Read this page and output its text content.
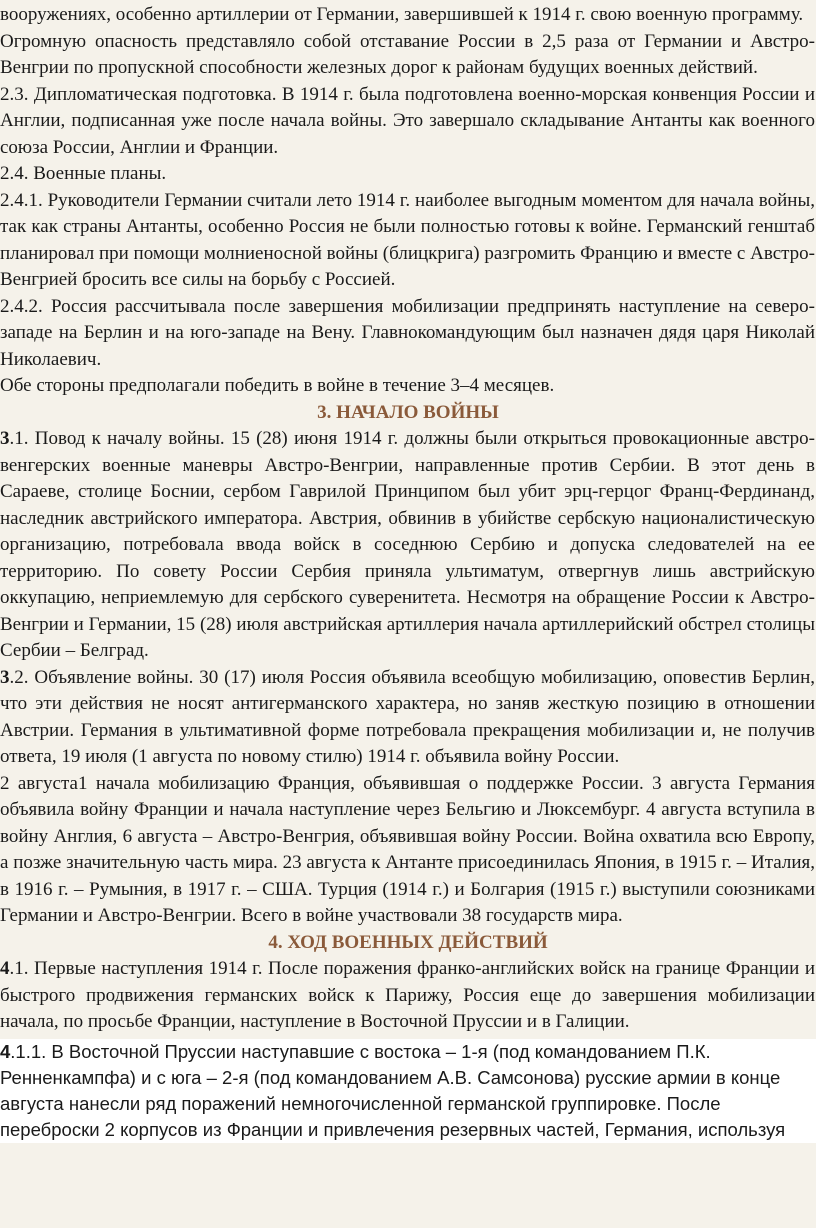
вооружениях, особенно артиллерии от Германии, завершившей к 1914 г. свою военную программу.

Огромную опасность представляло собой отставание России в 2,5 раза от Германии и Австро-Венгрии по пропускной способности железных дорог к районам будущих военных действий.

2.3. Дипломатическая подготовка. В 1914 г. была подготовлена военно-морская конвенция России и Англии, подписанная уже после начала войны. Это завершало складывание Антанты как военного союза России, Англии и Франции.

2.4. Военные планы.

2.4.1. Руководители Германии считали лето 1914 г. наиболее выгодным моментом для начала войны, так как страны Антанты, особенно Россия не были полностью готовы к войне. Германский генштаб планировал при помощи молниеносной войны (блицкрига) разгромить Францию и вместе с Австро-Венгрией бросить все силы на борьбу с Россией.

2.4.2. Россия рассчитывала после завершения мобилизации предпринять наступление на северо-западе на Берлин и на юго-западе на Вену. Главнокомандующим был назначен дядя царя Николай Николаевич.

Обе стороны предполагали победить в войне в течение 3–4 месяцев.

3. НАЧАЛО ВОЙНЫ

3.1. Повод к началу войны. 15 (28) июня 1914 г. должны были открыться провокационные австро-венгерских военные маневры Австро-Венгрии, направленные против Сербии. В этот день в Сараеве, столице Боснии, сербом Гаврилой Принципом был убит эрц-герцог Франц-Фердинанд, наследник австрийского императора. Австрия, обвинив в убийстве сербскую националистическую организацию, потребовала ввода войск в соседнюю Сербию и допуска следователей на ее территорию. По совету России Сербия приняла ультиматум, отвергнув лишь австрийскую оккупацию, неприемлемую для сербского суверенитета. Несмотря на обращение России к Австро-Венгрии и Германии, 15 (28) июля австрийская артиллерия начала артиллерийский обстрел столицы Сербии – Белград.

3.2. Объявление войны. 30 (17) июля Россия объявила всеобщую мобилизацию, оповестив Берлин, что эти действия не носят антигерманского характера, но заняв жесткую позицию в отношении Австрии. Германия в ультимативной форме потребовала прекращения мобилизации и, не получив ответа, 19 июля (1 августа по новому стилю) 1914 г. объявила войну России.

2 августа1 начала мобилизацию Франция, объявившая о поддержке России. 3 августа Германия объявила войну Франции и начала наступление через Бельгию и Люксембург. 4 августа вступила в войну Англия, 6 августа – Австро-Венгрия, объявившая войну России. Война охватила всю Европу, а позже значительную часть мира. 23 августа к Антанте присоединилась Япония, в 1915 г. – Италия, в 1916 г. – Румыния, в 1917 г. – США. Турция (1914 г.) и Болгария (1915 г.) выступили союзниками Германии и Австро-Венгрии. Всего в войне участвовали 38 государств мира.

4. ХОД ВОЕННЫХ ДЕЙСТВИЙ

4.1. Первые наступления 1914 г. После поражения франко-английских войск на границе Франции и быстрого продвижения германских войск к Парижу, Россия еще до завершения мобилизации начала, по просьбе Франции, наступление в Восточной Пруссии и в Галиции.

4.1.1. В Восточной Пруссии наступавшие с востока – 1-я (под командованием П.К. Ренненкампфа) и с юга – 2-я (под командованием А.В. Самсонова) русские армии в конце августа нанесли ряд поражений немногочисленной германской группировке. После переброски 2 корпусов из Франции и привлечения резервных частей, Германия, используя
